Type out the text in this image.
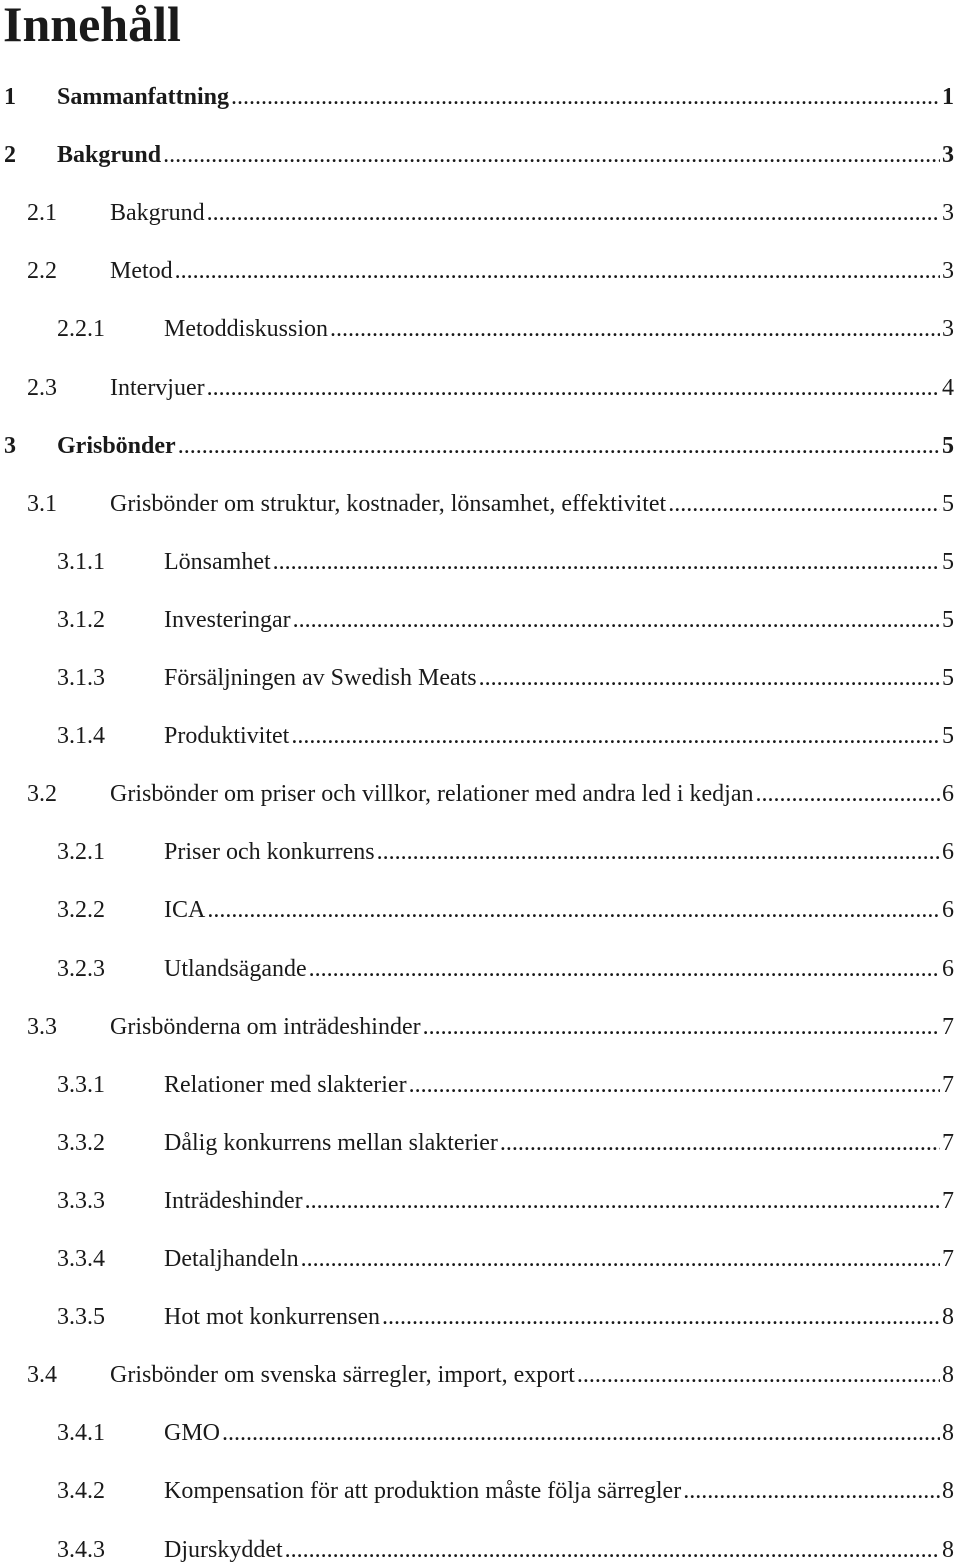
Innehåll
1	Sammanfattning .....	1
2	Bakgrund .....	3
2.1	Bakgrund .....	3
2.2	Metod .....	3
2.2.1	Metoddiskussion .....	3
2.3	Intervjuer .....	4
3	Grisbönder .....	5
3.1	Grisbönder om struktur, kostnader, lönsamhet, effektivitet .....	5
3.1.1	Lönsamhet .....	5
3.1.2	Investeringar .....	5
3.1.3	Försäljningen av Swedish Meats .....	5
3.1.4	Produktivitet .....	5
3.2	Grisbönder om priser och villkor, relationer med andra led i kedjan .....	6
3.2.1	Priser och konkurrens .....	6
3.2.2	ICA .....	6
3.2.3	Utlandsägande .....	6
3.3	Grisbönderna om inträdeshinder .....	7
3.3.1	Relationer med slakterier .....	7
3.3.2	Dålig konkurrens mellan slakterier .....	7
3.3.3	Inträdeshinder .....	7
3.3.4	Detaljhandeln .....	7
3.3.5	Hot mot konkurrensen .....	8
3.4	Grisbönder om svenska särregler, import, export .....	8
3.4.1	GMO .....	8
3.4.2	Kompensation för att produktion måste följa särregler .....	8
3.4.3	Djurskyddet .....	8
